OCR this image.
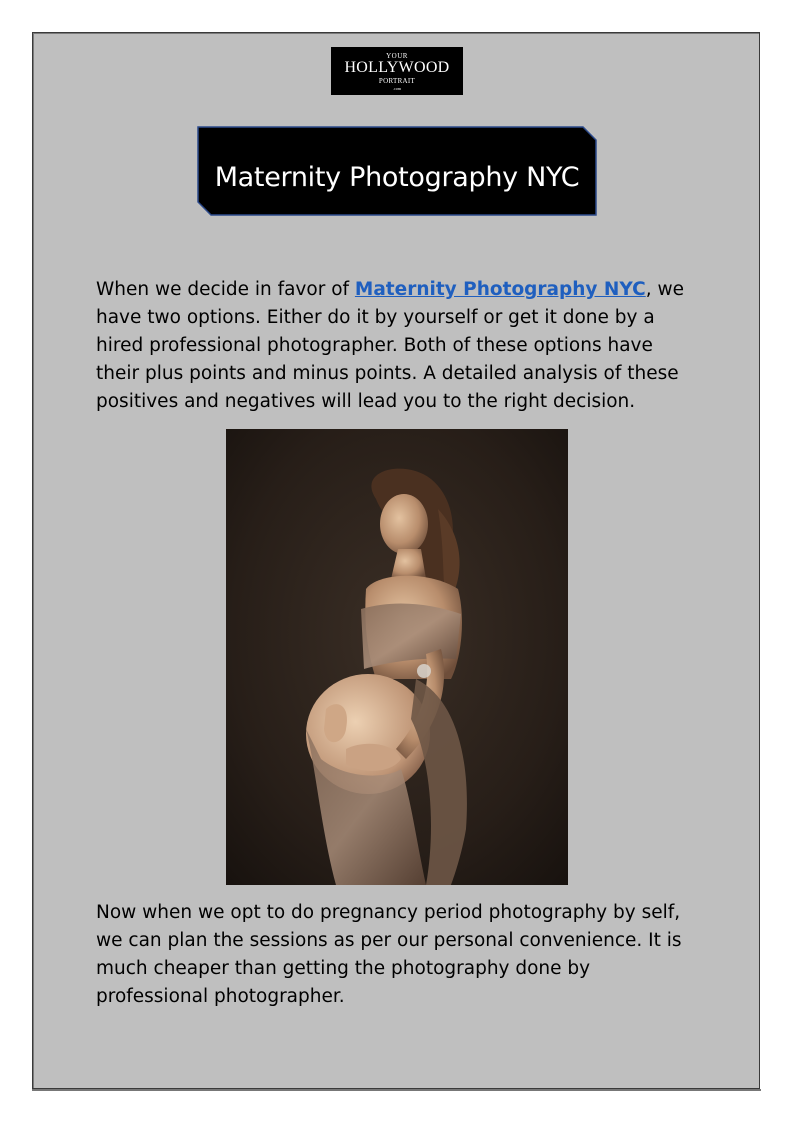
YOUR
HOLLYWOOD
PORTRAIT
.com
Maternity Photography NYC
When we decide in favor of Maternity Photography NYC, we have two options. Either do it by yourself or get it done by a hired professional photographer. Both of these options have their plus points and minus points. A detailed analysis of these positives and negatives will lead you to the right decision.
Now when we opt to do pregnancy period photography by self, we can plan the sessions as per our personal convenience. It is much cheaper than getting the photography done by professional photographer.
